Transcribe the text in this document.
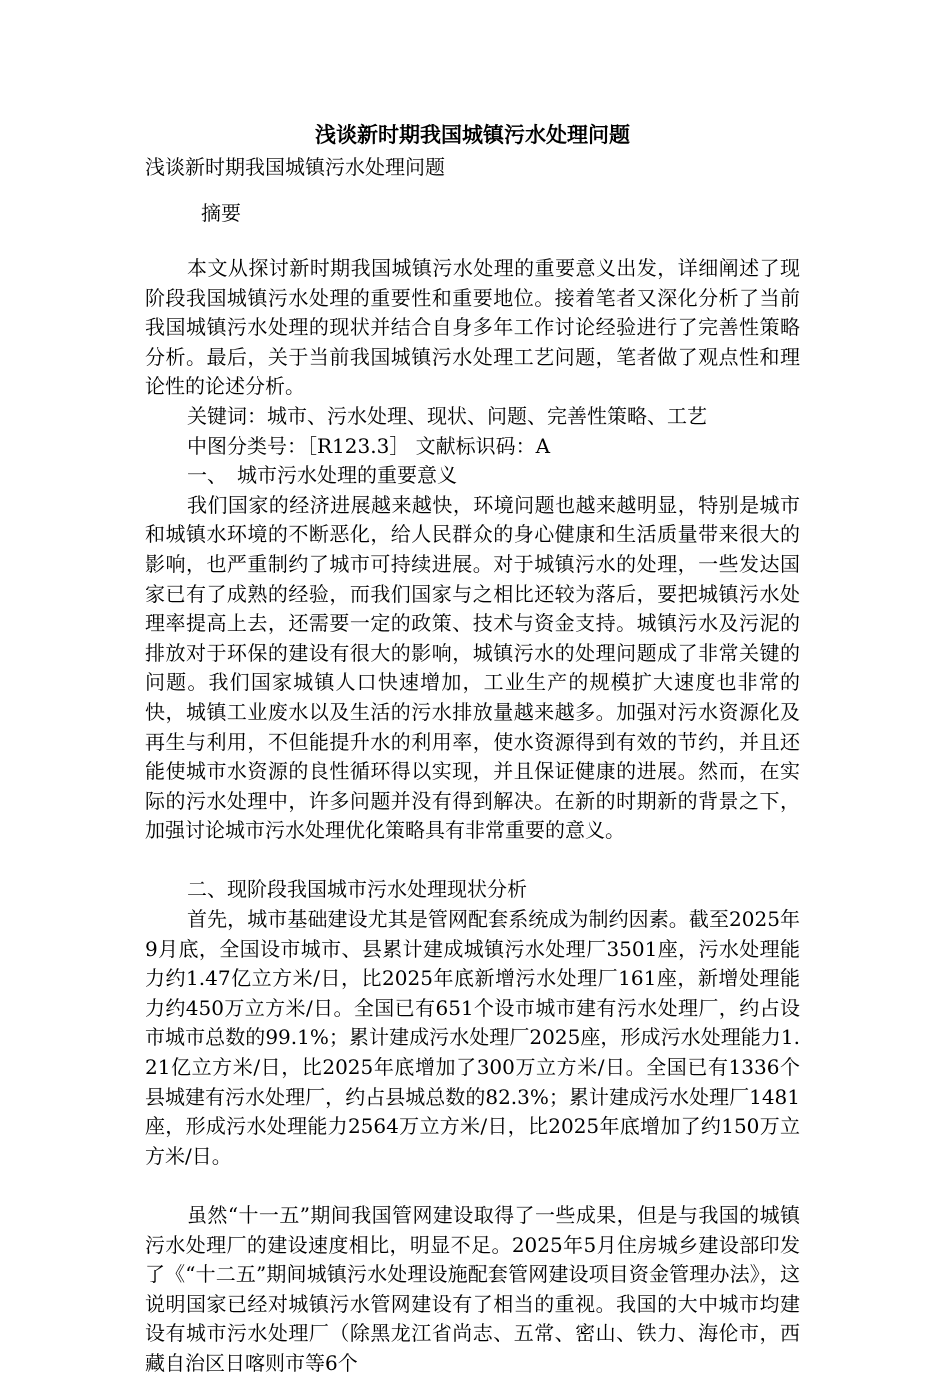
浅谈新时期我国城镇污水处理问题

浅谈新时期我国城镇污水处理问题

摘要

本文从探讨新时期我国城镇污水处理的重要意义出发，详细阐述了现阶段我国城镇污水处理的重要性和重要地位。接着笔者又深化分析了当前我国城镇污水处理的现状并结合自身多年工作讨论经验进行了完善性策略分析。最后，关于当前我国城镇污水处理工艺问题，笔者做了观点性和理论性的论述分析。

关键词：城市、污水处理、现状、问题、完善性策略、工艺

中图分类号：［R123.3］ 文献标识码：A

一、　城市污水处理的重要意义

我们国家的经济进展越来越快，环境问题也越来越明显，特别是城市和城镇水环境的不断恶化，给人民群众的身心健康和生活质量带来很大的影响，也严重制约了城市可持续进展。对于城镇污水的处理，一些发达国家已有了成熟的经验，而我们国家与之相比还较为落后，要把城镇污水处理率提高上去，还需要一定的政策、技术与资金支持。城镇污水及污泥的排放对于环保的建设有很大的影响，城镇污水的处理问题成了非常关键的问题。我们国家城镇人口快速增加，工业生产的规模扩大速度也非常的快，城镇工业废水以及生活的污水排放量越来越多。加强对污水资源化及再生与利用，不但能提升水的利用率，使水资源得到有效的节约，并且还能使城市水资源的良性循环得以实现，并且保证健康的进展。然而，在实际的污水处理中，许多问题并没有得到解决。在新的时期新的背景之下，加强讨论城市污水处理优化策略具有非常重要的意义。

二、现阶段我国城市污水处理现状分析

首先，城市基础建设尤其是管网配套系统成为制约因素。截至2025年9月底，全国设市城市、县累计建成城镇污水处理厂3501座，污水处理能力约1.47亿立方米/日，比2025年底新增污水处理厂161座，新增处理能力约450万立方米/日。全国已有651个设市城市建有污水处理厂，约占设市城市总数的99.1%；累计建成污水处理厂2025座，形成污水处理能力1.21亿立方米/日，比2025年底增加了300万立方米/日。全国已有1336个县城建有污水处理厂，约占县城总数的82.3%；累计建成污水处理厂1481座，形成污水处理能力2564万立方米/日，比2025年底增加了约150万立方米/日。

虽然“十一五”期间我国管网建设取得了一些成果，但是与我国的城镇污水处理厂的建设速度相比，明显不足。2025年5月住房城乡建设部印发了《“十二五”期间城镇污水处理设施配套管网建设项目资金管理办法》，这说明国家已经对城镇污水管网建设有了相当的重视。我国的大中城市均建设有城市污水处理厂（除黑龙江省尚志、五常、密山、铁力、海伦市，西藏自治区日喀则市等6个
